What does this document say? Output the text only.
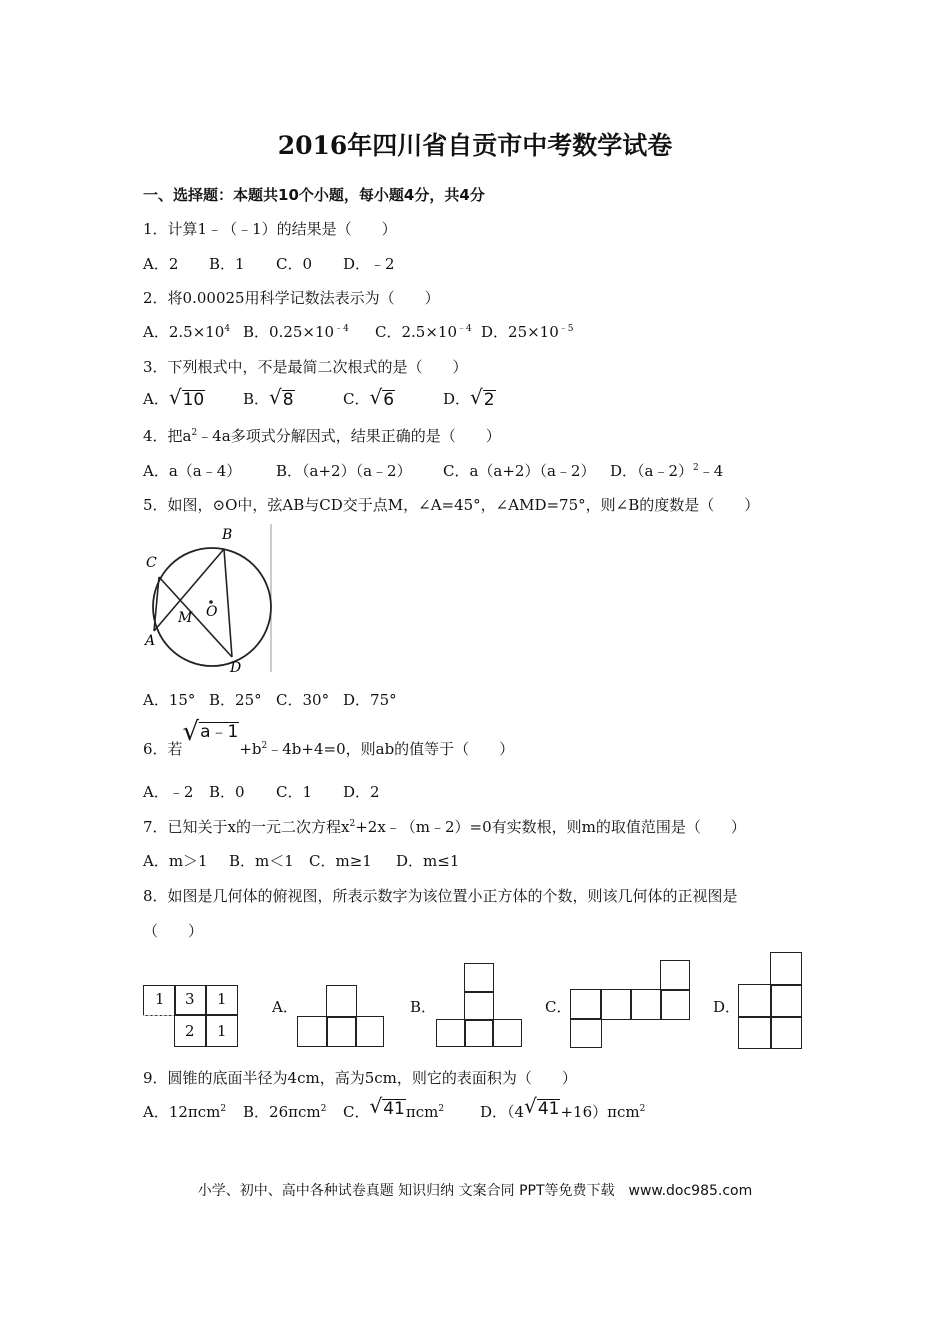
2016年四川省自贡市中考数学试卷
一、选择题：本题共10个小题，每小题4分，共4分
1．计算1﹣（﹣1）的结果是（　　）
A．2 B．1 C．0 D．﹣2
2．将0.00025用科学记数法表示为（　　）
A．$2.5\times 10^4$ B．$0.25\times 10^{﹣4}$ C．$2.5\times 10^{﹣4}$ D．$25\times 10^{﹣5}$
3．下列根式中，不是最简二次根式的是（　　）
A． √ 10	B． √ 8	C． √ 6	D． √ 2
4．把$a^2﹣4a$多项式分解因式，结果正确的是（　　）
A．a（a﹣4） B．（a+2）（a﹣2） C．a（a+2）（a﹣2） D．（a﹣2）$^2$﹣4
5．如图，⊙O中，弦AB与CD交于点M，∠A=45°，∠AMD=75°，则∠B的度数是（　　）
C
B
A
D
M O
A．15° B．25° C．30° D．75°
6．若
√ a﹣1
$+b^2﹣4b+4=0$，则ab的值等于（　　）
A．﹣2 B．0 C．1 D．2
7．已知关于x的一元二次方程$x^2+2x﹣(m﹣2)=0$有实数根，则m的取值范围是（　　）
A．m＞1 B．m＜1 C．m≥1 D．m≤1
8．如图是几何体的俯视图，所表示数字为该位置小正方体的个数，则该几何体的正视图是
（　　）
1 3 1
2 1
A．	B．	C．	D．
9．圆锥的底面半径为4cm，高为5cm，则它的表面积为（　　）
A．12πcm$^2$ B．26πcm$^2$ C． √ 41 πcm$^2$ D．（4 √ 41 +16）πcm$^2$
小学、初中、高中各种试卷真题 知识归纳 文案合同 PPT等免费下载　www.doc985.com
